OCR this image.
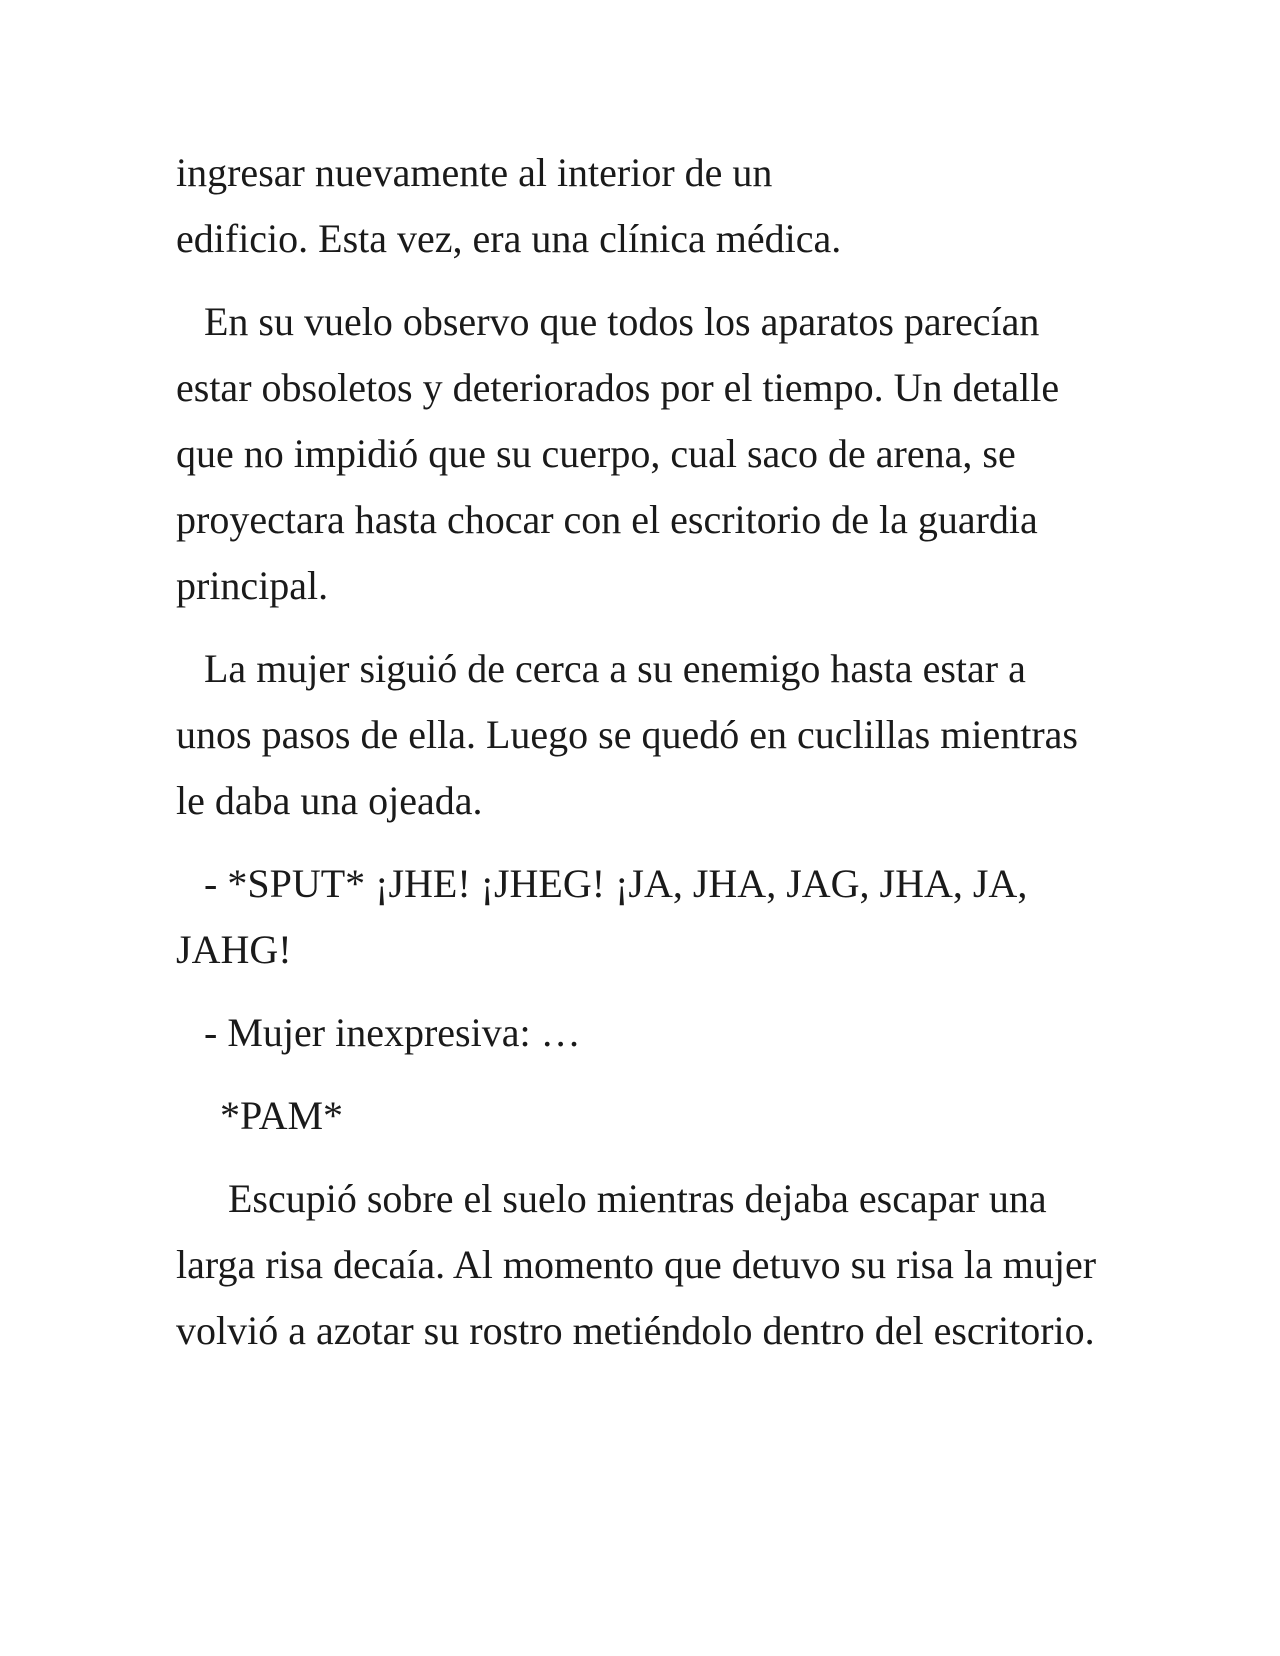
ingresar nuevamente al interior de un
edificio. Esta vez, era una clínica médica.

En su vuelo observo que todos los aparatos parecían estar obsoletos y deteriorados por el tiempo. Un detalle que no impidió que su cuerpo, cual saco de arena, se proyectara hasta chocar con el escritorio de la guardia principal.

La mujer siguió de cerca a su enemigo hasta estar a unos pasos de ella. Luego se quedó en cuclillas mientras le daba una ojeada.

- *SPUT* ¡JHE! ¡JHEG! ¡JA, JHA, JAG, JHA, JA, JAHG!

- Mujer inexpresiva: …

*PAM*

Escupió sobre el suelo mientras dejaba escapar una larga risa decaía. Al momento que detuvo su risa la mujer volvió a azotar su rostro metiéndolo dentro del escritorio.
